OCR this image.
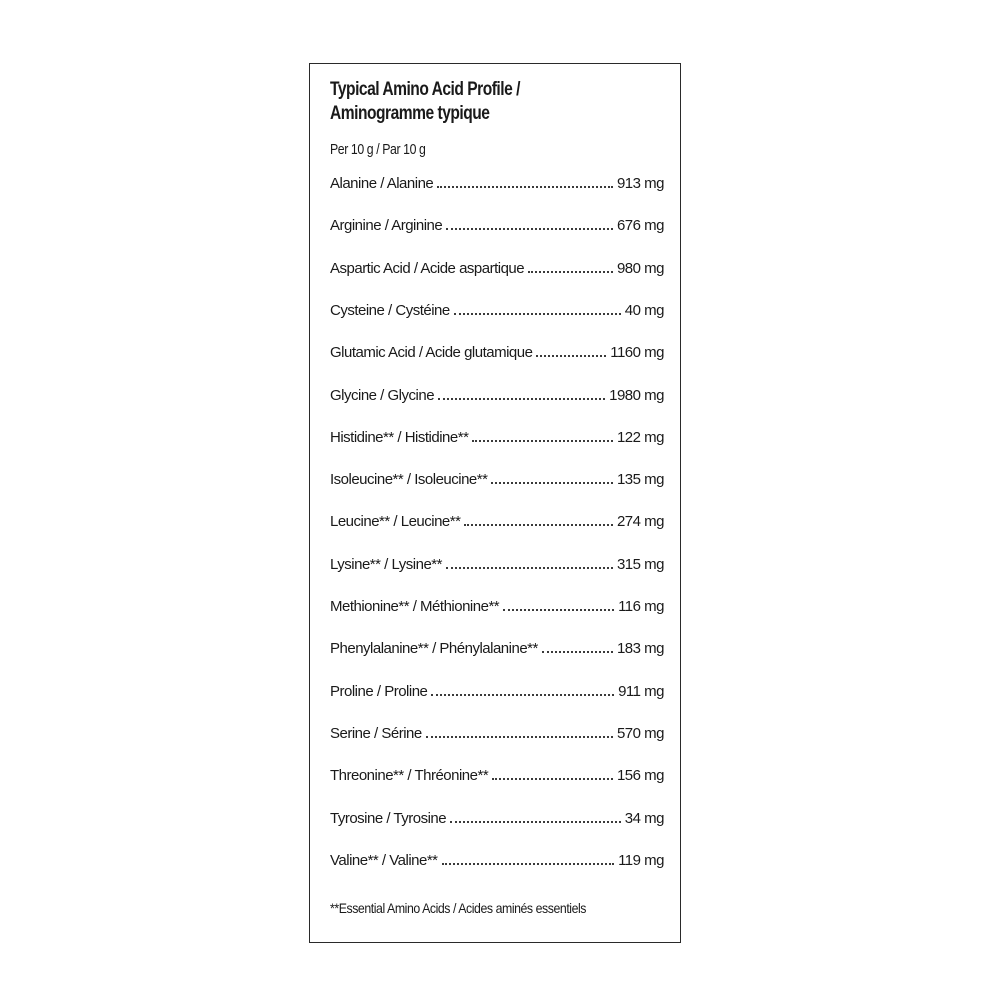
Typical Amino Acid Profile /
Aminogramme typique
Per 10 g / Par 10 g
Alanine / Alanine	913 mg
Arginine / Arginine	676 mg
Aspartic Acid / Acide aspartique	980 mg
Cysteine / Cystéine	40 mg
Glutamic Acid / Acide glutamique	1160 mg
Glycine / Glycine	1980 mg
Histidine** / Histidine**	122 mg
Isoleucine** / Isoleucine**	135 mg
Leucine** / Leucine**	274 mg
Lysine** / Lysine**	315 mg
Methionine** / Méthionine**	116 mg
Phenylalanine** / Phénylalanine**	183 mg
Proline / Proline	911 mg
Serine / Sérine	570 mg
Threonine** / Thréonine**	156 mg
Tyrosine / Tyrosine	34 mg
Valine** / Valine**	119 mg
**Essential Amino Acids / Acides aminés essentiels
